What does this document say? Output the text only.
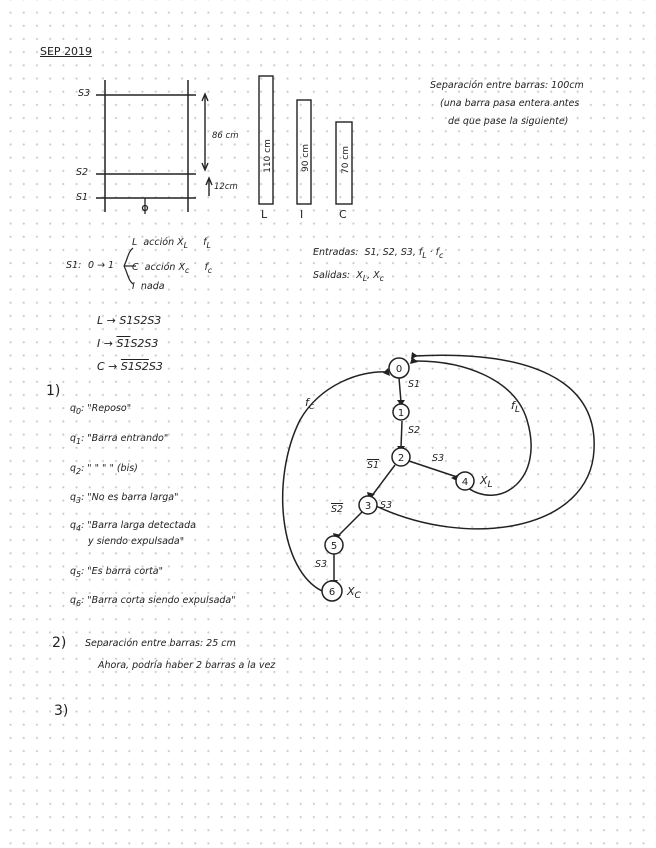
SEP 2019
Separación entre barras: 100cm
(una barra pasa entera antes
de que pase la siguiente)
110 cm	90 cm	70 cm
0
1
2
3
4
5
6
S3
S2
S1
86 cm
12cm
L	I	C
S1: 0 → 1
L acción $X_L$ $f_L$
C acción $X_c$ $f_c$
I nada
Entradas: S1, S2, S3, $f_L \cdot f_c$
Salidas: $X_L$, $X_c$
L → S1S2S3
I → S1S2S3
C → S1S2S3
1)
$q_0$: "Reposo"
$q_1$: "Barra entrando"
$q_2$: " " " " (bis)
$q_3$: "No es barra larga"
$q_4$: "Barra larga detectada
y siendo expulsada"
$q_5$: "Es barra corta"
$q_6$: "Barra corta siendo expulsada"
S1
S2
S1
S3
S2	S3
S3
$X_L$
$X_C$
$f_L$
$f_c$
2) Separación entre barras: 25 cm
Ahora, podría haber 2 barras a la vez
3)
